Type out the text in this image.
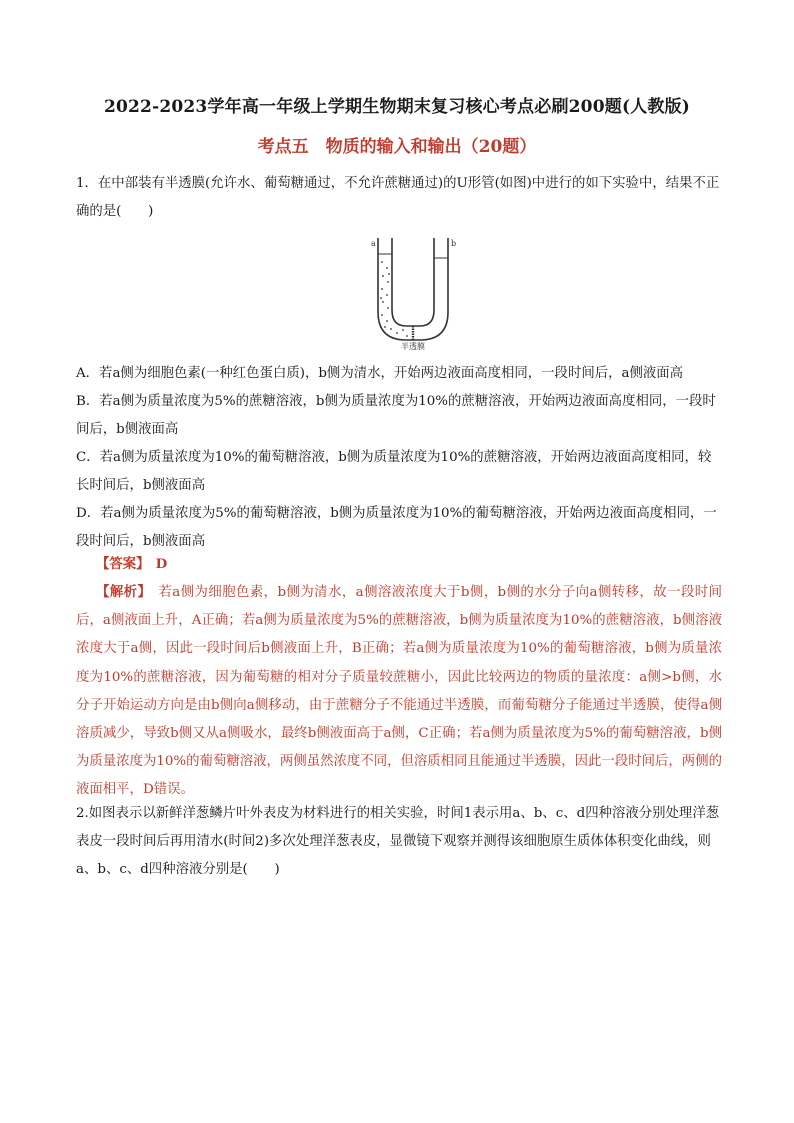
2022-2023学年高一年级上学期生物期末复习核心考点必刷200题(人教版)
考点五　物质的输入和输出（20题）
1．在中部装有半透膜(允许水、葡萄糖通过，不允许蔗糖通过)的U形管(如图)中进行的如下实验中，结果不正确的是(　　)
a	b
半透膜
A．若a侧为细胞色素(一种红色蛋白质)，b侧为清水，开始两边液面高度相同，一段时间后，a侧液面高
B．若a侧为质量浓度为5%的蔗糖溶液，b侧为质量浓度为10%的蔗糖溶液，开始两边液面高度相同，一段时间后，b侧液面高
C．若a侧为质量浓度为10%的葡萄糖溶液，b侧为质量浓度为10%的蔗糖溶液，开始两边液面高度相同，较长时间后，b侧液面高
D．若a侧为质量浓度为5%的葡萄糖溶液，b侧为质量浓度为10%的葡萄糖溶液，开始两边液面高度相同，一段时间后，b侧液面高
【答案】 D
【解析】　若a侧为细胞色素，b侧为清水，a侧溶液浓度大于b侧，b侧的水分子向a侧转移，故一段时间后，a侧液面上升，A正确；若a侧为质量浓度为5%的蔗糖溶液，b侧为质量浓度为10%的蔗糖溶液，b侧溶液浓度大于a侧，因此一段时间后b侧液面上升，B正确；若a侧为质量浓度为10%的葡萄糖溶液，b侧为质量浓度为10%的蔗糖溶液，因为葡萄糖的相对分子质量较蔗糖小，因此比较两边的物质的量浓度：a侧>b侧，水分子开始运动方向是由b侧向a侧移动，由于蔗糖分子不能通过半透膜，而葡萄糖分子能通过半透膜，使得a侧溶质减少，导致b侧又从a侧吸水，最终b侧液面高于a侧，C正确；若a侧为质量浓度为5%的葡萄糖溶液，b侧为质量浓度为10%的葡萄糖溶液，两侧虽然浓度不同，但溶质相同且能通过半透膜，因此一段时间后，两侧的液面相平，D错误。
2.如图表示以新鲜洋葱鳞片叶外表皮为材料进行的相关实验，时间1表示用a、b、c、d四种溶液分别处理洋葱表皮一段时间后再用清水(时间2)多次处理洋葱表皮，显微镜下观察并测得该细胞原生质体体积变化曲线，则a、b、c、d四种溶液分别是(　　)
